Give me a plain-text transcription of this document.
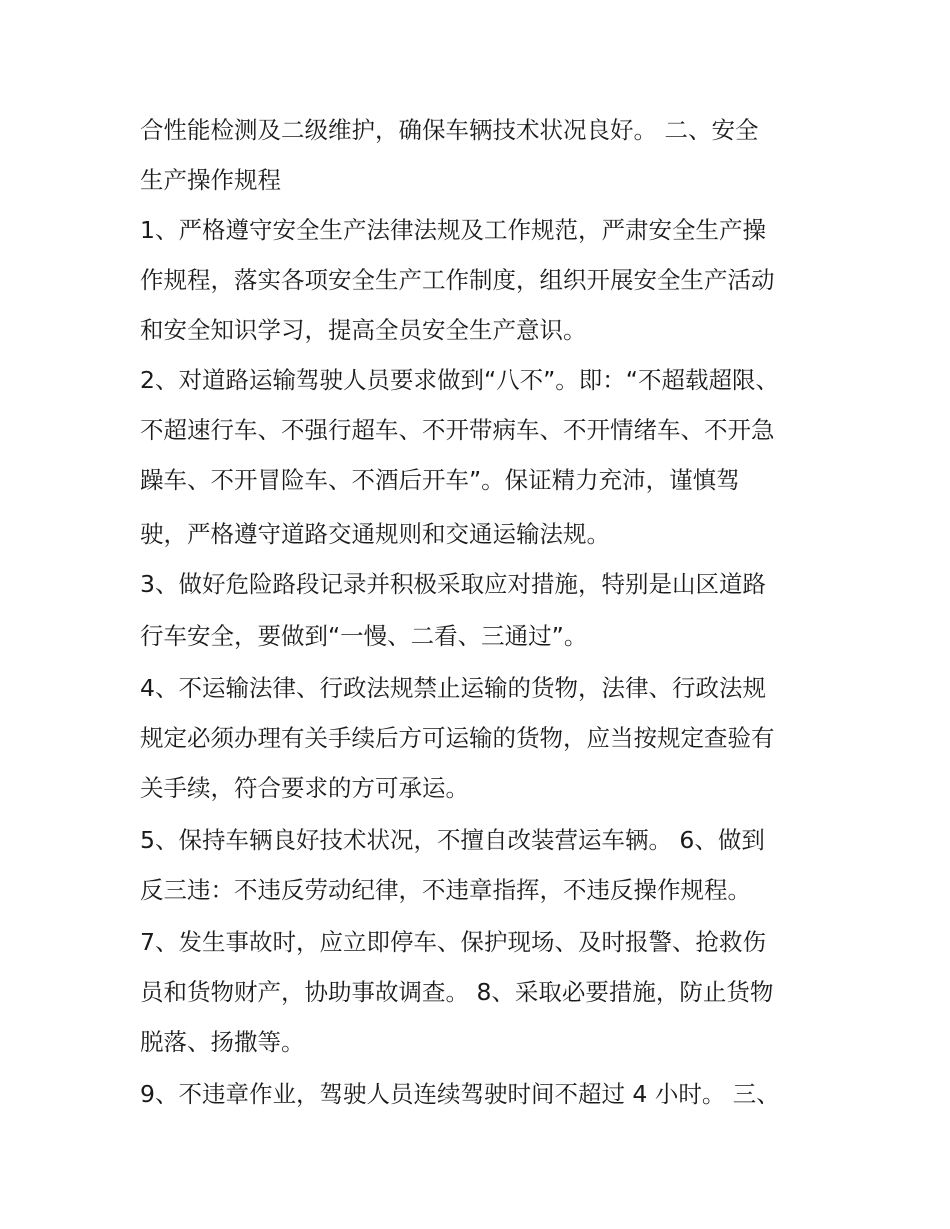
合性能检测及二级维护，确保车辆技术状况良好。 二、安全
生产操作规程
1、严格遵守安全生产法律法规及工作规范，严肃安全生产操
作规程，落实各项安全生产工作制度，组织开展安全生产活动
和安全知识学习，提高全员安全生产意识。
2、对道路运输驾驶人员要求做到“八不”。即：“不超载超限、
不超速行车、不强行超车、不开带病车、不开情绪车、不开急
躁车、不开冒险车、不酒后开车”。保证精力充沛，谨慎驾
驶，严格遵守道路交通规则和交通运输法规。
3、做好危险路段记录并积极采取应对措施，特别是山区道路
行车安全，要做到“一慢、二看、三通过”。
4、不运输法律、行政法规禁止运输的货物，法律、行政法规
规定必须办理有关手续后方可运输的货物，应当按规定查验有
关手续，符合要求的方可承运。
5、保持车辆良好技术状况，不擅自改装营运车辆。 6、做到
反三违：不违反劳动纪律，不违章指挥，不违反操作规程。
7、发生事故时，应立即停车、保护现场、及时报警、抢救伤
员和货物财产，协助事故调查。 8、采取必要措施，防止货物
脱落、扬撒等。
9、不违章作业，驾驶人员连续驾驶时间不超过 4 小时。 三、
